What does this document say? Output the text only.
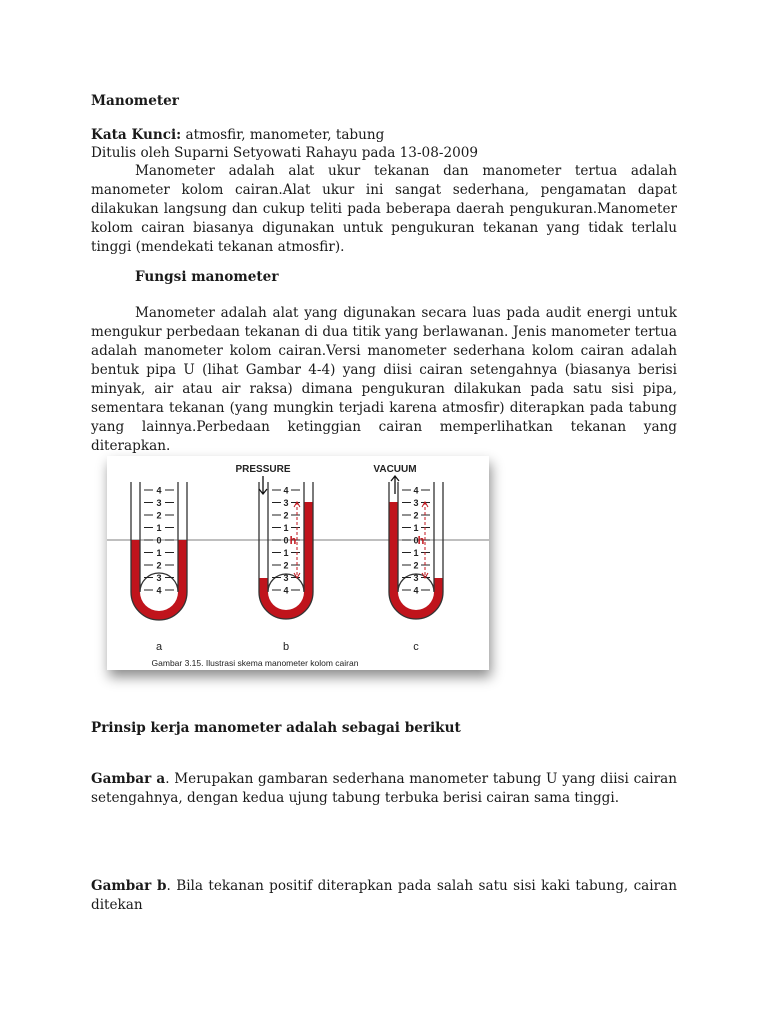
Manometer

Kata Kunci: atmosfir, manometer, tabung

Ditulis oleh Suparni Setyowati Rahayu pada 13-08-2009

Manometer adalah alat ukur tekanan dan manometer tertua adalah manometer kolom cairan.Alat ukur ini sangat sederhana, pengamatan dapat dilakukan langsung dan cukup teliti pada beberapa daerah pengukuran.Manometer kolom cairan biasanya digunakan untuk pengukuran tekanan yang tidak terlalu tinggi (mendekati tekanan atmosfir).

Fungsi manometer

Manometer adalah alat yang digunakan secara luas pada audit energi untuk mengukur perbedaan tekanan di dua titik yang berlawanan. Jenis manometer tertua adalah manometer kolom cairan.Versi manometer sederhana kolom cairan adalah bentuk pipa U (lihat Gambar 4-4) yang diisi cairan setengahnya (biasanya berisi minyak, air atau air raksa) dimana pengukuran dilakukan pada satu sisi pipa, sementara tekanan (yang mungkin terjadi karena atmosfir) diterapkan pada tabung yang lainnya.Perbedaan ketinggian cairan memperlihatkan tekanan yang diterapkan.

4
3
2
1
0
1
2
3
4
a
4
3
2
1
0
1
2
3
4
b
4
3
2
1
0
1
2
3
4
c
h	h
PRESSURE	VACUUM
Gambar 3.15. Ilustrasi skema manometer kolom cairan

Prinsip kerja manometer adalah sebagai berikut

Gambar a. Merupakan gambaran sederhana manometer tabung U yang diisi cairan setengahnya, dengan kedua ujung tabung terbuka berisi cairan sama tinggi.

Gambar b. Bila tekanan positif diterapkan pada salah satu sisi kaki tabung, cairan ditekan
